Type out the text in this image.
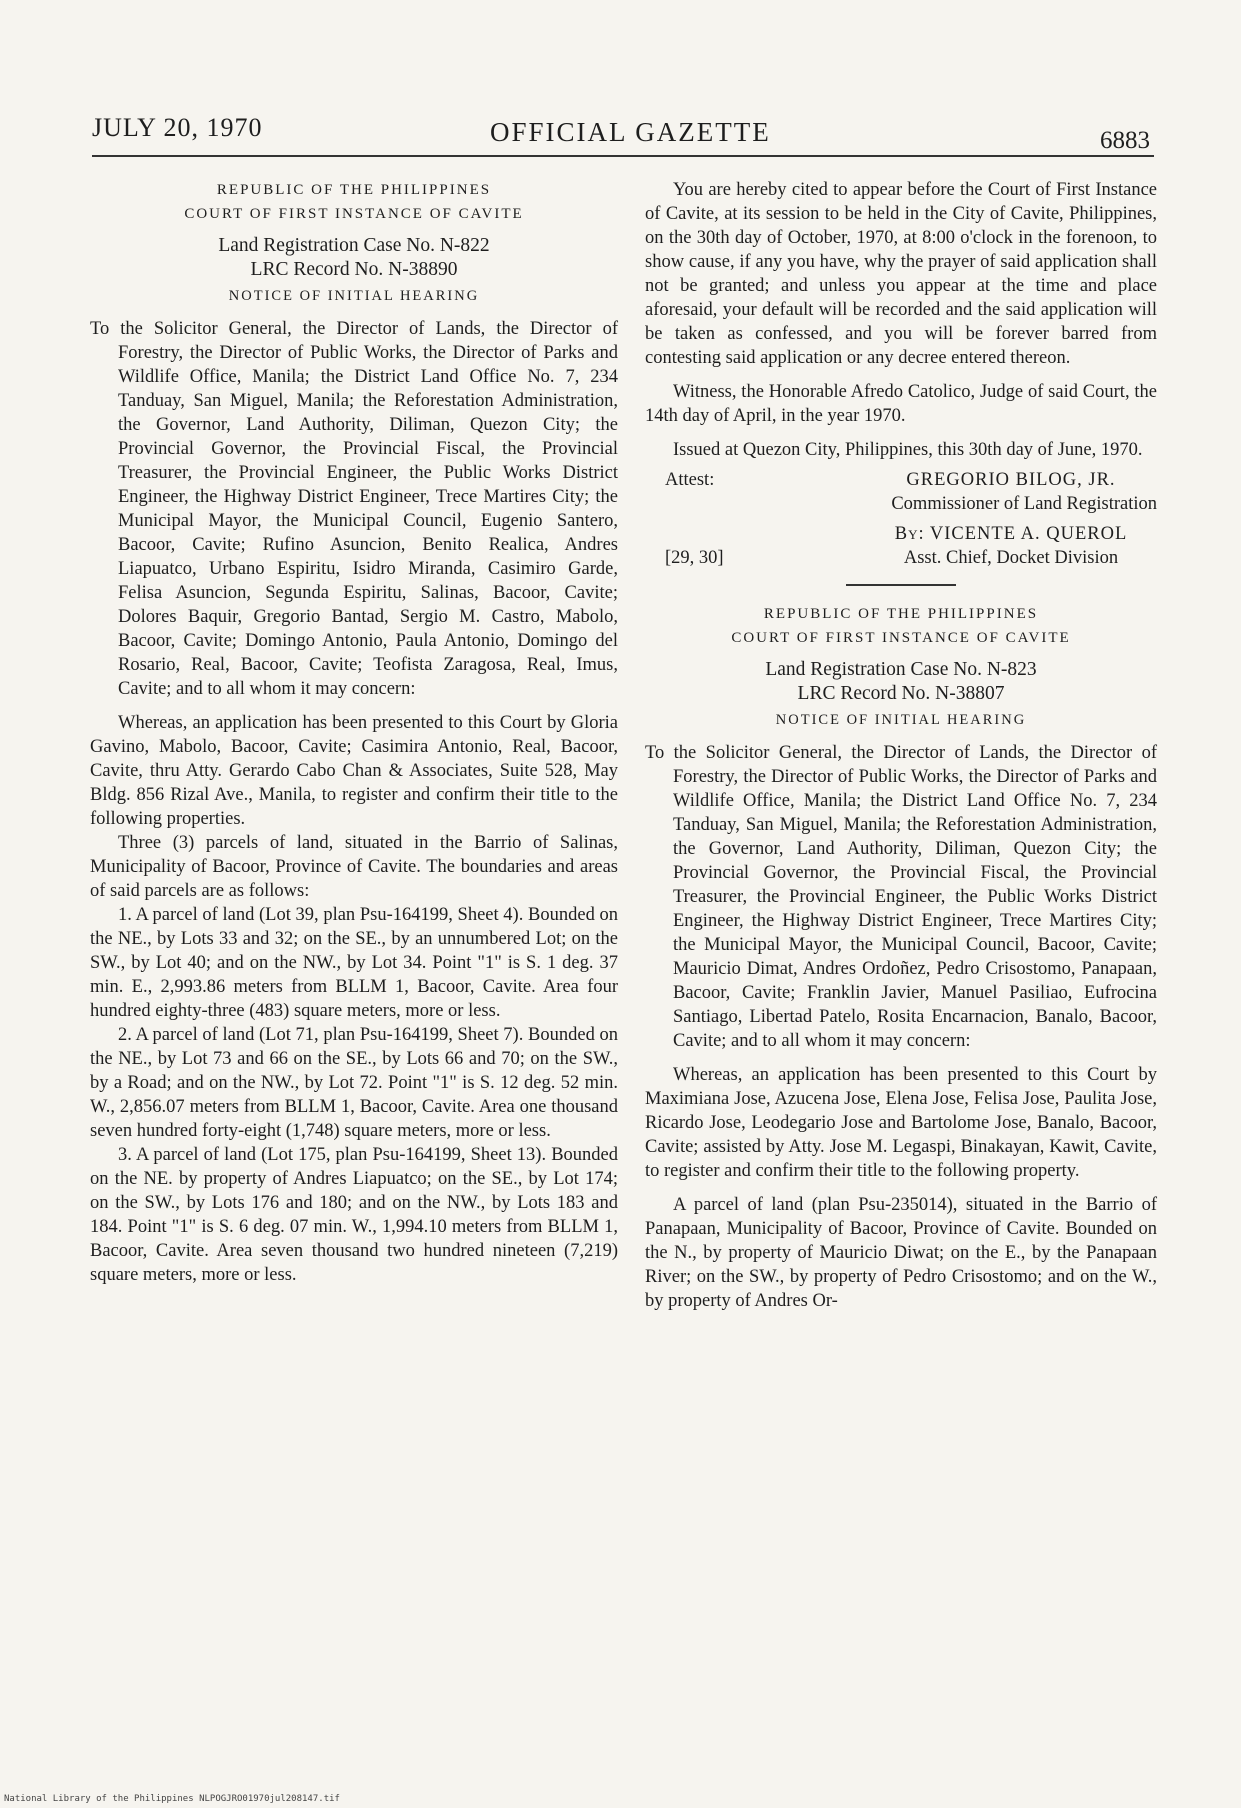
JULY 20, 1970	OFFICIAL GAZETTE	6883
REPUBLIC OF THE PHILIPPINES
COURT OF FIRST INSTANCE OF CAVITE
Land Registration Case No. N-822
LRC Record No. N-38890
NOTICE OF INITIAL HEARING

To the Solicitor General, the Director of Lands, the Director of Forestry, the Director of Public Works, the Director of Parks and Wildlife Office, Manila; the District Land Office No. 7, 234 Tanduay, San Miguel, Manila; the Reforestation Administration, the Governor, Land Authority, Diliman, Quezon City; the Provincial Governor, the Provincial Fiscal, the Provincial Treasurer, the Provincial Engineer, the Public Works District Engineer, the Highway District Engineer, Trece Martires City; the Municipal Mayor, the Municipal Council, Eugenio Santero, Bacoor, Cavite; Rufino Asuncion, Benito Realica, Andres Liapuatco, Urbano Espiritu, Isidro Miranda, Casimiro Garde, Felisa Asuncion, Segunda Espiritu, Salinas, Bacoor, Cavite; Dolores Baquir, Gregorio Bantad, Sergio M. Castro, Mabolo, Bacoor, Cavite; Domingo Antonio, Paula Antonio, Domingo del Rosario, Real, Bacoor, Cavite; Teofista Zaragosa, Real, Imus, Cavite; and to all whom it may concern:

Whereas, an application has been presented to this Court by Gloria Gavino, Mabolo, Bacoor, Cavite; Casimira Antonio, Real, Bacoor, Cavite, thru Atty. Gerardo Cabo Chan & Associates, Suite 528, May Bldg. 856 Rizal Ave., Manila, to register and confirm their title to the following properties.

Three (3) parcels of land, situated in the Barrio of Salinas, Municipality of Bacoor, Province of Cavite. The boundaries and areas of said parcels are as follows:

1. A parcel of land (Lot 39, plan Psu-164199, Sheet 4). Bounded on the NE., by Lots 33 and 32; on the SE., by an unnumbered Lot; on the SW., by Lot 40; and on the NW., by Lot 34. Point "1" is S. 1 deg. 37 min. E., 2,993.86 meters from BLLM 1, Bacoor, Cavite. Area four hundred eighty-three (483) square meters, more or less.

2. A parcel of land (Lot 71, plan Psu-164199, Sheet 7). Bounded on the NE., by Lot 73 and 66 on the SE., by Lots 66 and 70; on the SW., by a Road; and on the NW., by Lot 72. Point "1" is S. 12 deg. 52 min. W., 2,856.07 meters from BLLM 1, Bacoor, Cavite. Area one thousand seven hundred forty-eight (1,748) square meters, more or less.

3. A parcel of land (Lot 175, plan Psu-164199, Sheet 13). Bounded on the NE. by property of Andres Liapuatco; on the SE., by Lot 174; on the SW., by Lots 176 and 180; and on the NW., by Lots 183 and 184. Point "1" is S. 6 deg. 07 min. W., 1,994.10 meters from BLLM 1, Bacoor, Cavite. Area seven thousand two hundred nineteen (7,219) square meters, more or less.

You are hereby cited to appear before the Court of First Instance of Cavite, at its session to be held in the City of Cavite, Philippines, on the 30th day of October, 1970, at 8:00 o'clock in the forenoon, to show cause, if any you have, why the prayer of said application shall not be granted; and unless you appear at the time and place aforesaid, your default will be recorded and the said application will be taken as confessed, and you will be forever barred from contesting said application or any decree entered thereon.

Witness, the Honorable Afredo Catolico, Judge of said Court, the 14th day of April, in the year 1970.

Issued at Quezon City, Philippines, this 30th day of June, 1970.

Attest:	GREGORIO BILOG, JR.
	Commissioner of Land Registration
	By: VICENTE A. QUEROL
[29, 30]	Asst. Chief, Docket Division
REPUBLIC OF THE PHILIPPINES
COURT OF FIRST INSTANCE OF CAVITE
Land Registration Case No. N-823
LRC Record No. N-38807
NOTICE OF INITIAL HEARING

To the Solicitor General, the Director of Lands, the Director of Forestry, the Director of Public Works, the Director of Parks and Wildlife Office, Manila; the District Land Office No. 7, 234 Tanduay, San Miguel, Manila; the Reforestation Administration, the Governor, Land Authority, Diliman, Quezon City; the Provincial Governor, the Provincial Fiscal, the Provincial Treasurer, the Provincial Engineer, the Public Works District Engineer, the Highway District Engineer, Trece Martires City; the Municipal Mayor, the Municipal Council, Bacoor, Cavite; Mauricio Dimat, Andres Ordoñez, Pedro Crisostomo, Panapaan, Bacoor, Cavite; Franklin Javier, Manuel Pasiliao, Eufrocina Santiago, Libertad Patelo, Rosita Encarnacion, Banalo, Bacoor, Cavite; and to all whom it may concern:

Whereas, an application has been presented to this Court by Maximiana Jose, Azucena Jose, Elena Jose, Felisa Jose, Paulita Jose, Ricardo Jose, Leodegario Jose and Bartolome Jose, Banalo, Bacoor, Cavite; assisted by Atty. Jose M. Legaspi, Binakayan, Kawit, Cavite, to register and confirm their title to the following property.

A parcel of land (plan Psu-235014), situated in the Barrio of Panapaan, Municipality of Bacoor, Province of Cavite. Bounded on the N., by property of Mauricio Diwat; on the E., by the Panapaan River; on the SW., by property of Pedro Crisostomo; and on the W., by property of Andres Or-

National Library of the Philippines NLPOGJRO01970jul208147.tif
